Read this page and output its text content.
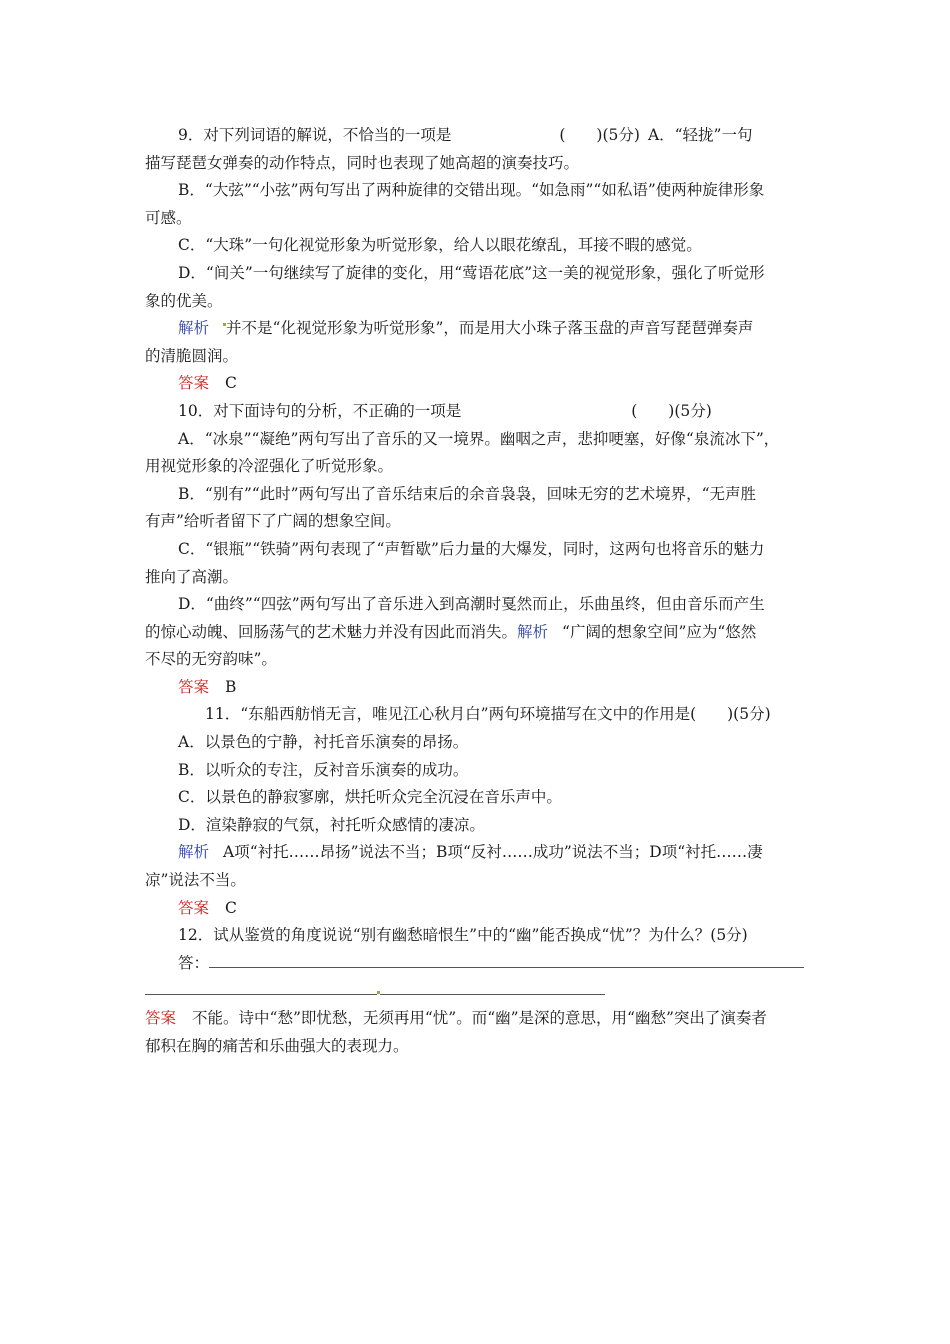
9．对下列词语的解说，不恰当的一项是	(　　)(5分) A．“轻拢”一句
描写琵琶女弹奏的动作特点，同时也表现了她高超的演奏技巧。
B．“大弦”“小弦”两句写出了两种旋律的交错出现。“如急雨”“如私语”使两种旋律形象
可感。
C．“大珠”一句化视觉形象为听觉形象，给人以眼花缭乱，耳接不暇的感觉。
D．“间关”一句继续写了旋律的变化，用“莺语花底”这一美的视觉形象，强化了听觉形
象的优美。
解析 并不是“化视觉形象为听觉形象”，而是用大小珠子落玉盘的声音写琵琶弹奏声
的清脆圆润。
答案 C
10．对下面诗句的分析，不正确的一项是	(　　)(5分)
A．“冰泉”“凝绝”两句写出了音乐的又一境界。幽咽之声，悲抑哽塞，好像“泉流冰下”，
用视觉形象的冷涩强化了听觉形象。
B．“别有”“此时”两句写出了音乐结束后的余音袅袅，回味无穷的艺术境界，“无声胜
有声”给听者留下了广阔的想象空间。
C．“银瓶”“铁骑”两句表现了“声暂歇”后力量的大爆发，同时，这两句也将音乐的魅力
推向了高潮。
D．“曲终”“四弦”两句写出了音乐进入到高潮时戛然而止，乐曲虽终，但由音乐而产生
的惊心动魄、回肠荡气的艺术魅力并没有因此而消失。解析 “广阔的想象空间”应为“悠然
不尽的无穷韵味”。
答案 B
11．“东船西舫悄无言，唯见江心秋月白”两句环境描写在文中的作用是(　　)(5分)
A．以景色的宁静，衬托音乐演奏的昂扬。
B．以听众的专注，反衬音乐演奏的成功。
C．以景色的静寂寥廓，烘托听众完全沉浸在音乐声中。
D．渲染静寂的气氛，衬托听众感情的凄凉。
解析 A项“衬托……昂扬”说法不当；B项“反衬……成功”说法不当；D项“衬托……凄
凉”说法不当。
答案 C
12．试从鉴赏的角度说说“别有幽愁暗恨生”中的“幽”能否换成“忧”？为什么？(5分)
答：
答案 不能。诗中“愁”即忧愁，无须再用“忧”。而“幽”是深的意思，用“幽愁”突出了演奏者
郁积在胸的痛苦和乐曲强大的表现力。
